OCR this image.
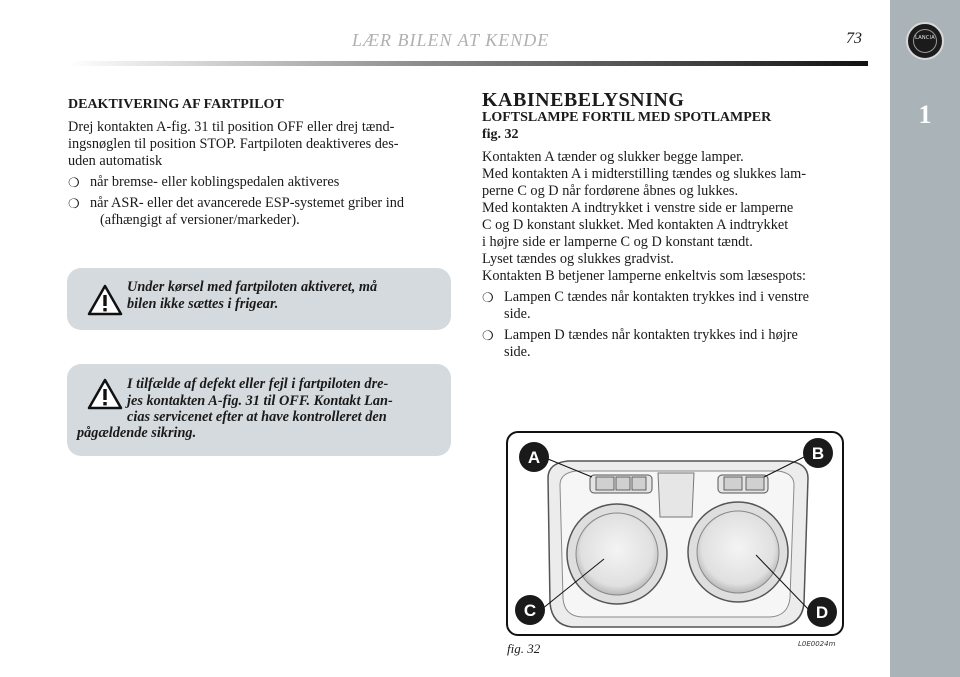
LÆR BILEN AT KENDE	73	LANCIA
1

DEAKTIVERING AF FARTPILOT

Drej kontakten A-fig. 31 til position OFF eller drej tænd-

ingsnøglen til position STOP. Fartpiloten deaktiveres des-

uden automatisk

❍ når bremse- eller koblingspedalen aktiveres

❍ når ASR- eller det avancerede ESP-systemet griber ind

(afhængigt af versioner/markeder).

Under kørsel med fartpiloten aktiveret, må
bilen ikke sættes i frigear.
I tilfælde af defekt eller fejl i fartpiloten dre-
jes kontakten A-fig. 31 til OFF. Kontakt Lan-
cias servicenet efter at have kontrolleret den
pågældende sikring.

KABINEBELYSNING

LOFTSLAMPE FORTIL MED SPOTLAMPER

fig. 32

Kontakten A tænder og slukker begge lamper.

Med kontakten A i midterstilling tændes og slukkes lam-

perne C og D når fordørene åbnes og lukkes.

Med kontakten A indtrykket i venstre side er lamperne

C og D konstant slukket. Med kontakten A indtrykket

i højre side er lamperne C og D konstant tændt.

Lyset tændes og slukkes gradvist.

Kontakten B betjener lamperne enkeltvis som læsespots:

❍ Lampen C tændes når kontakten trykkes ind i venstre

side.

❍ Lampen D tændes når kontakten trykkes ind i højre

side.

A	B
C	D
fig. 32	L0E0024m
